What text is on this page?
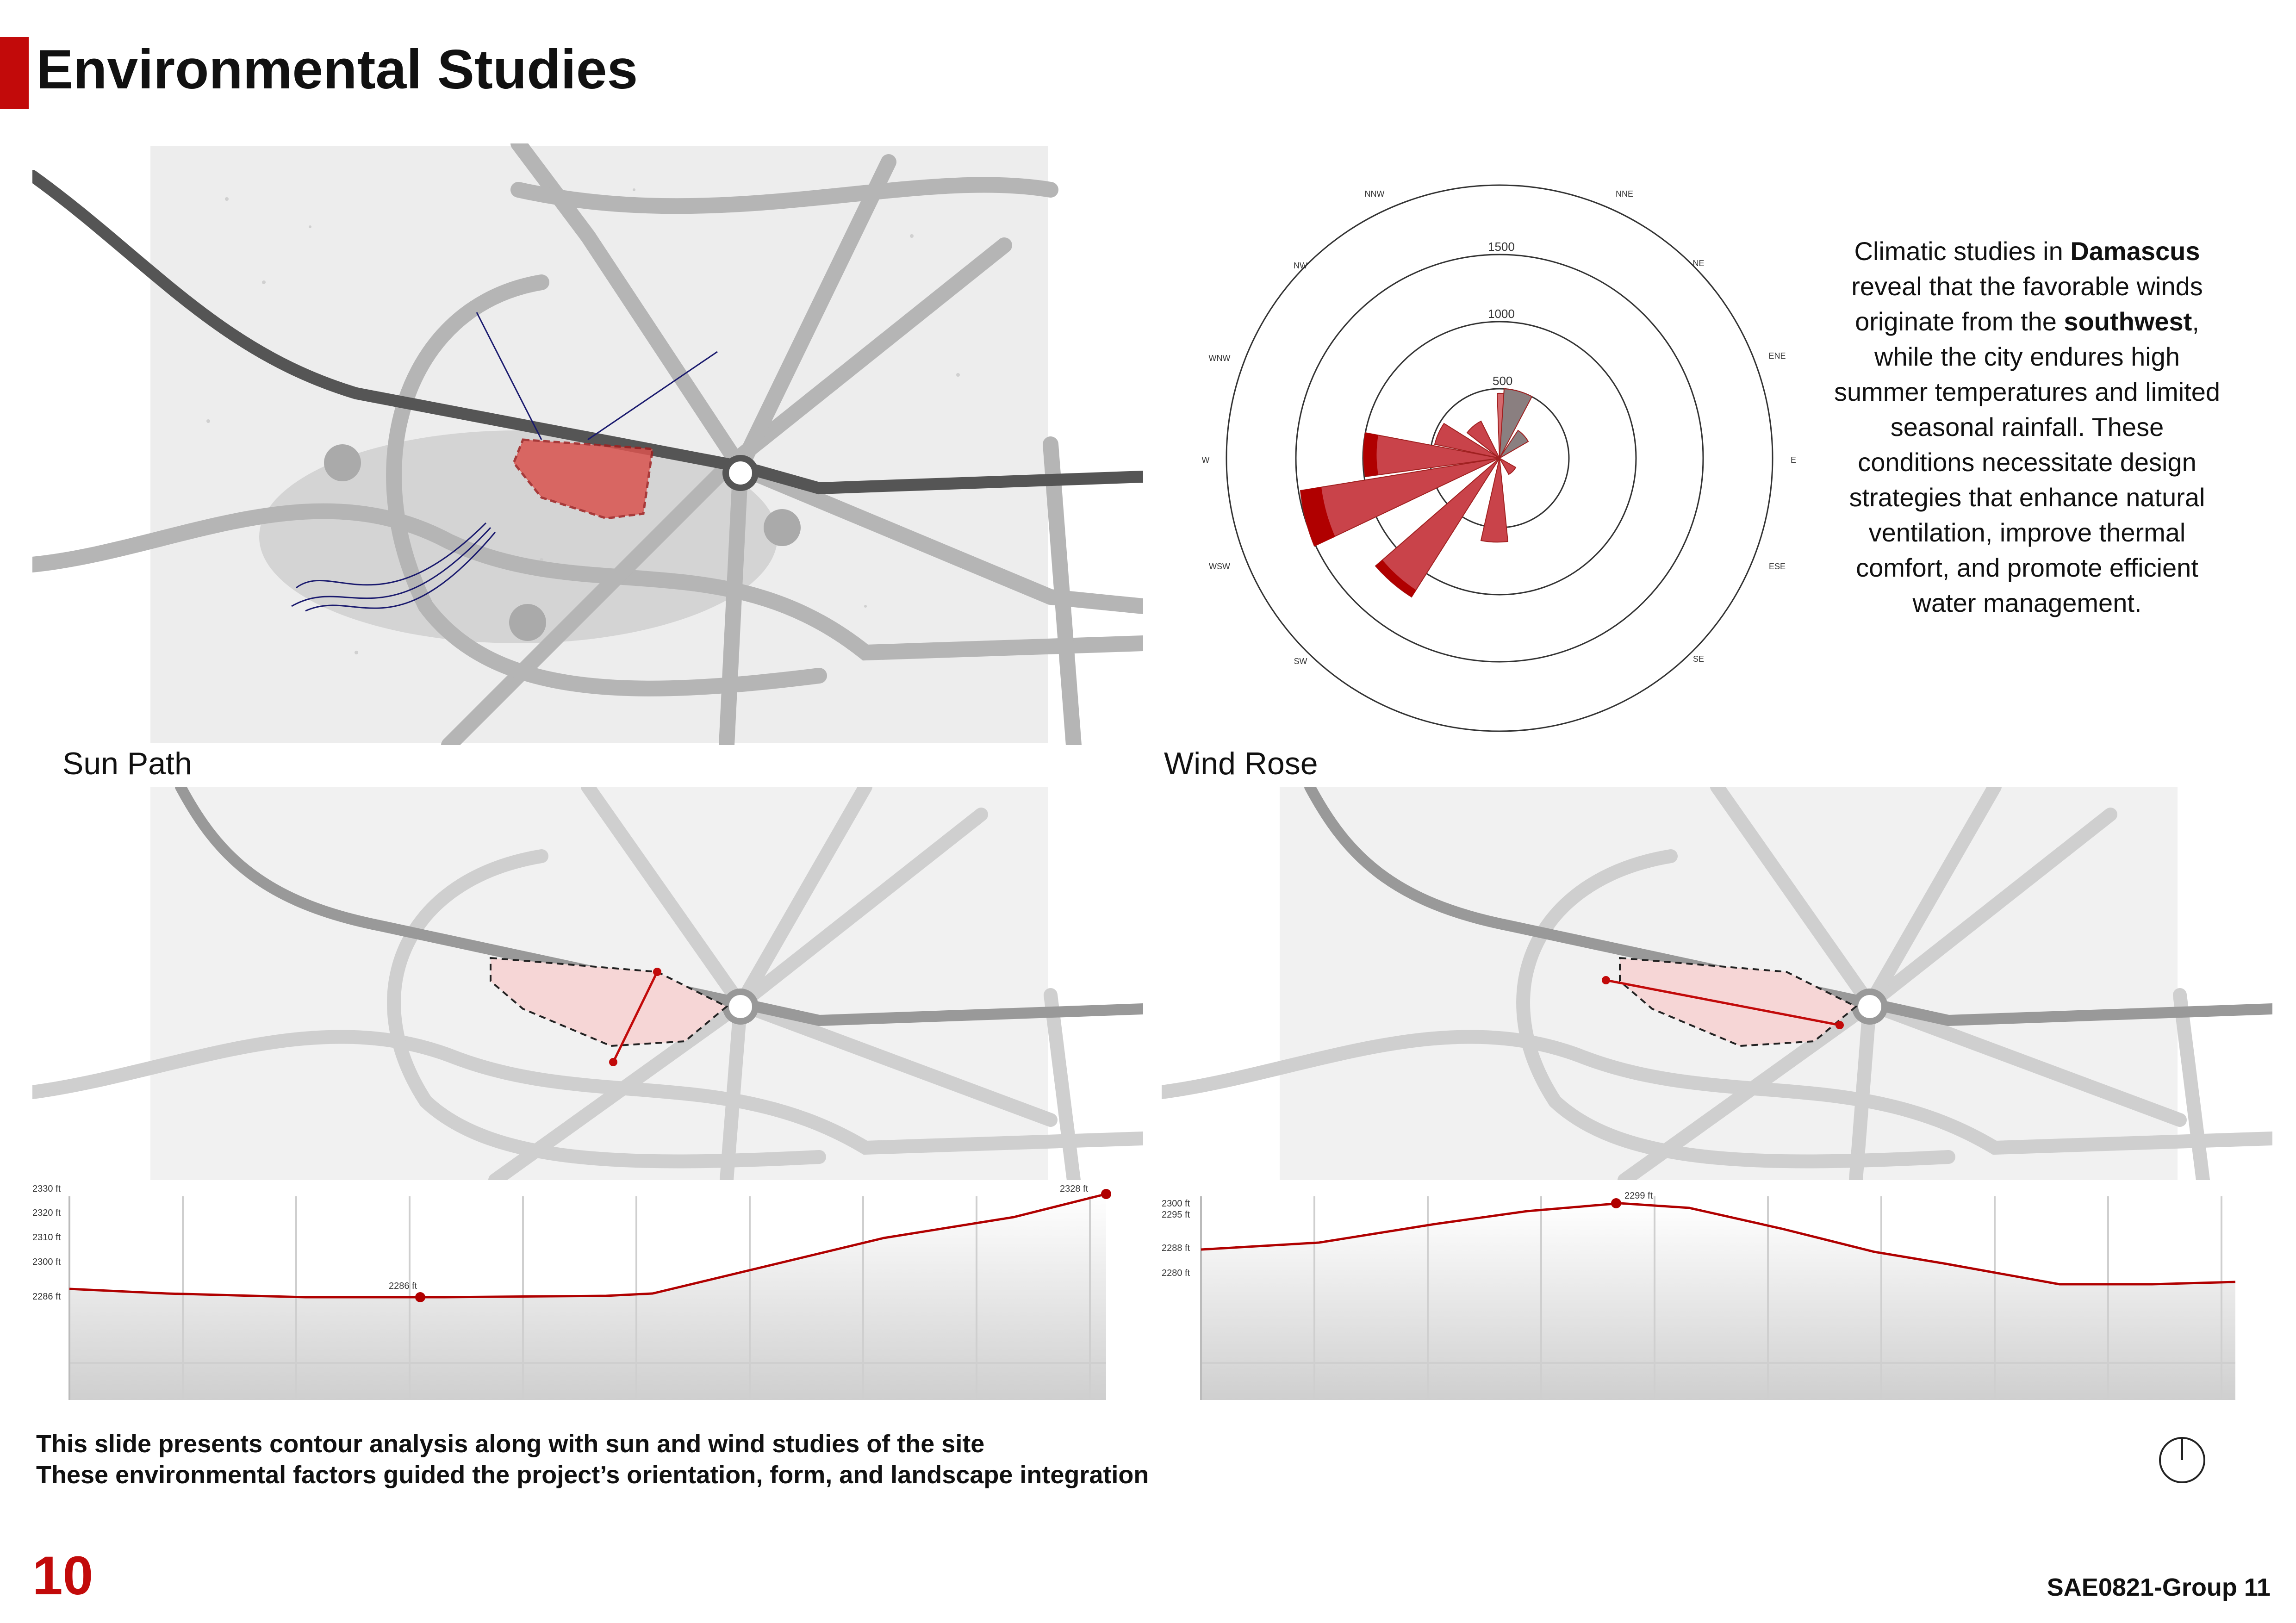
Environmental Studies
1500
1000
500
NNW	NNE
NE
ENE
E
ESE
SE
SW
WSW
W
WNW
NW	Climatic studies in Damascus reveal that the favorable winds originate from the southwest, while the city endures high summer temperatures and limited seasonal rainfall. These conditions necessitate design strategies that enhance natural ventilation, improve thermal comfort, and promote efficient water management.
Sun Path	Wind Rose
2330 ft
2320 ft
2310 ft
2300 ft
2286 ft
2286 ft
2328 ft
2300 ft
2295 ft
2288 ft
2280 ft
2299 ft
This slide presents contour analysis along with sun and wind studies of the site
These environmental factors guided the project’s orientation, form, and landscape integration
10	SAE0821-Group 11
